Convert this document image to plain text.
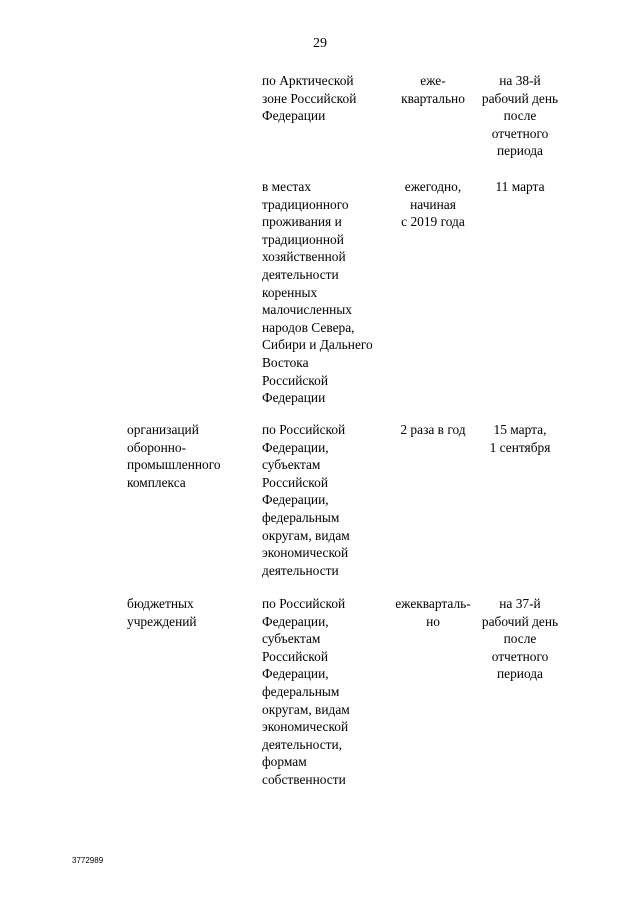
29
по Арктической
зоне Российской
Федерации
еже-
квартально
на 38-й
рабочий день
после
отчетного
периода
в местах
традиционного
проживания и
традиционной
хозяйственной
деятельности
коренных
малочисленных
народов Севера,
Сибири и Дальнего
Востока
Российской
Федерации
ежегодно,
начиная
с 2019 года
11 марта
организаций
оборонно-
промышленного
комплекса
по Российской
Федерации,
субъектам
Российской
Федерации,
федеральным
округам, видам
экономической
деятельности
2 раза в год	15 марта,
1 сентября
бюджетных
учреждений
по Российской
Федерации,
субъектам
Российской
Федерации,
федеральным
округам, видам
экономической
деятельности,
формам
собственности
ежекварталь-
но
на 37-й
рабочий день
после
отчетного
периода
3772989
